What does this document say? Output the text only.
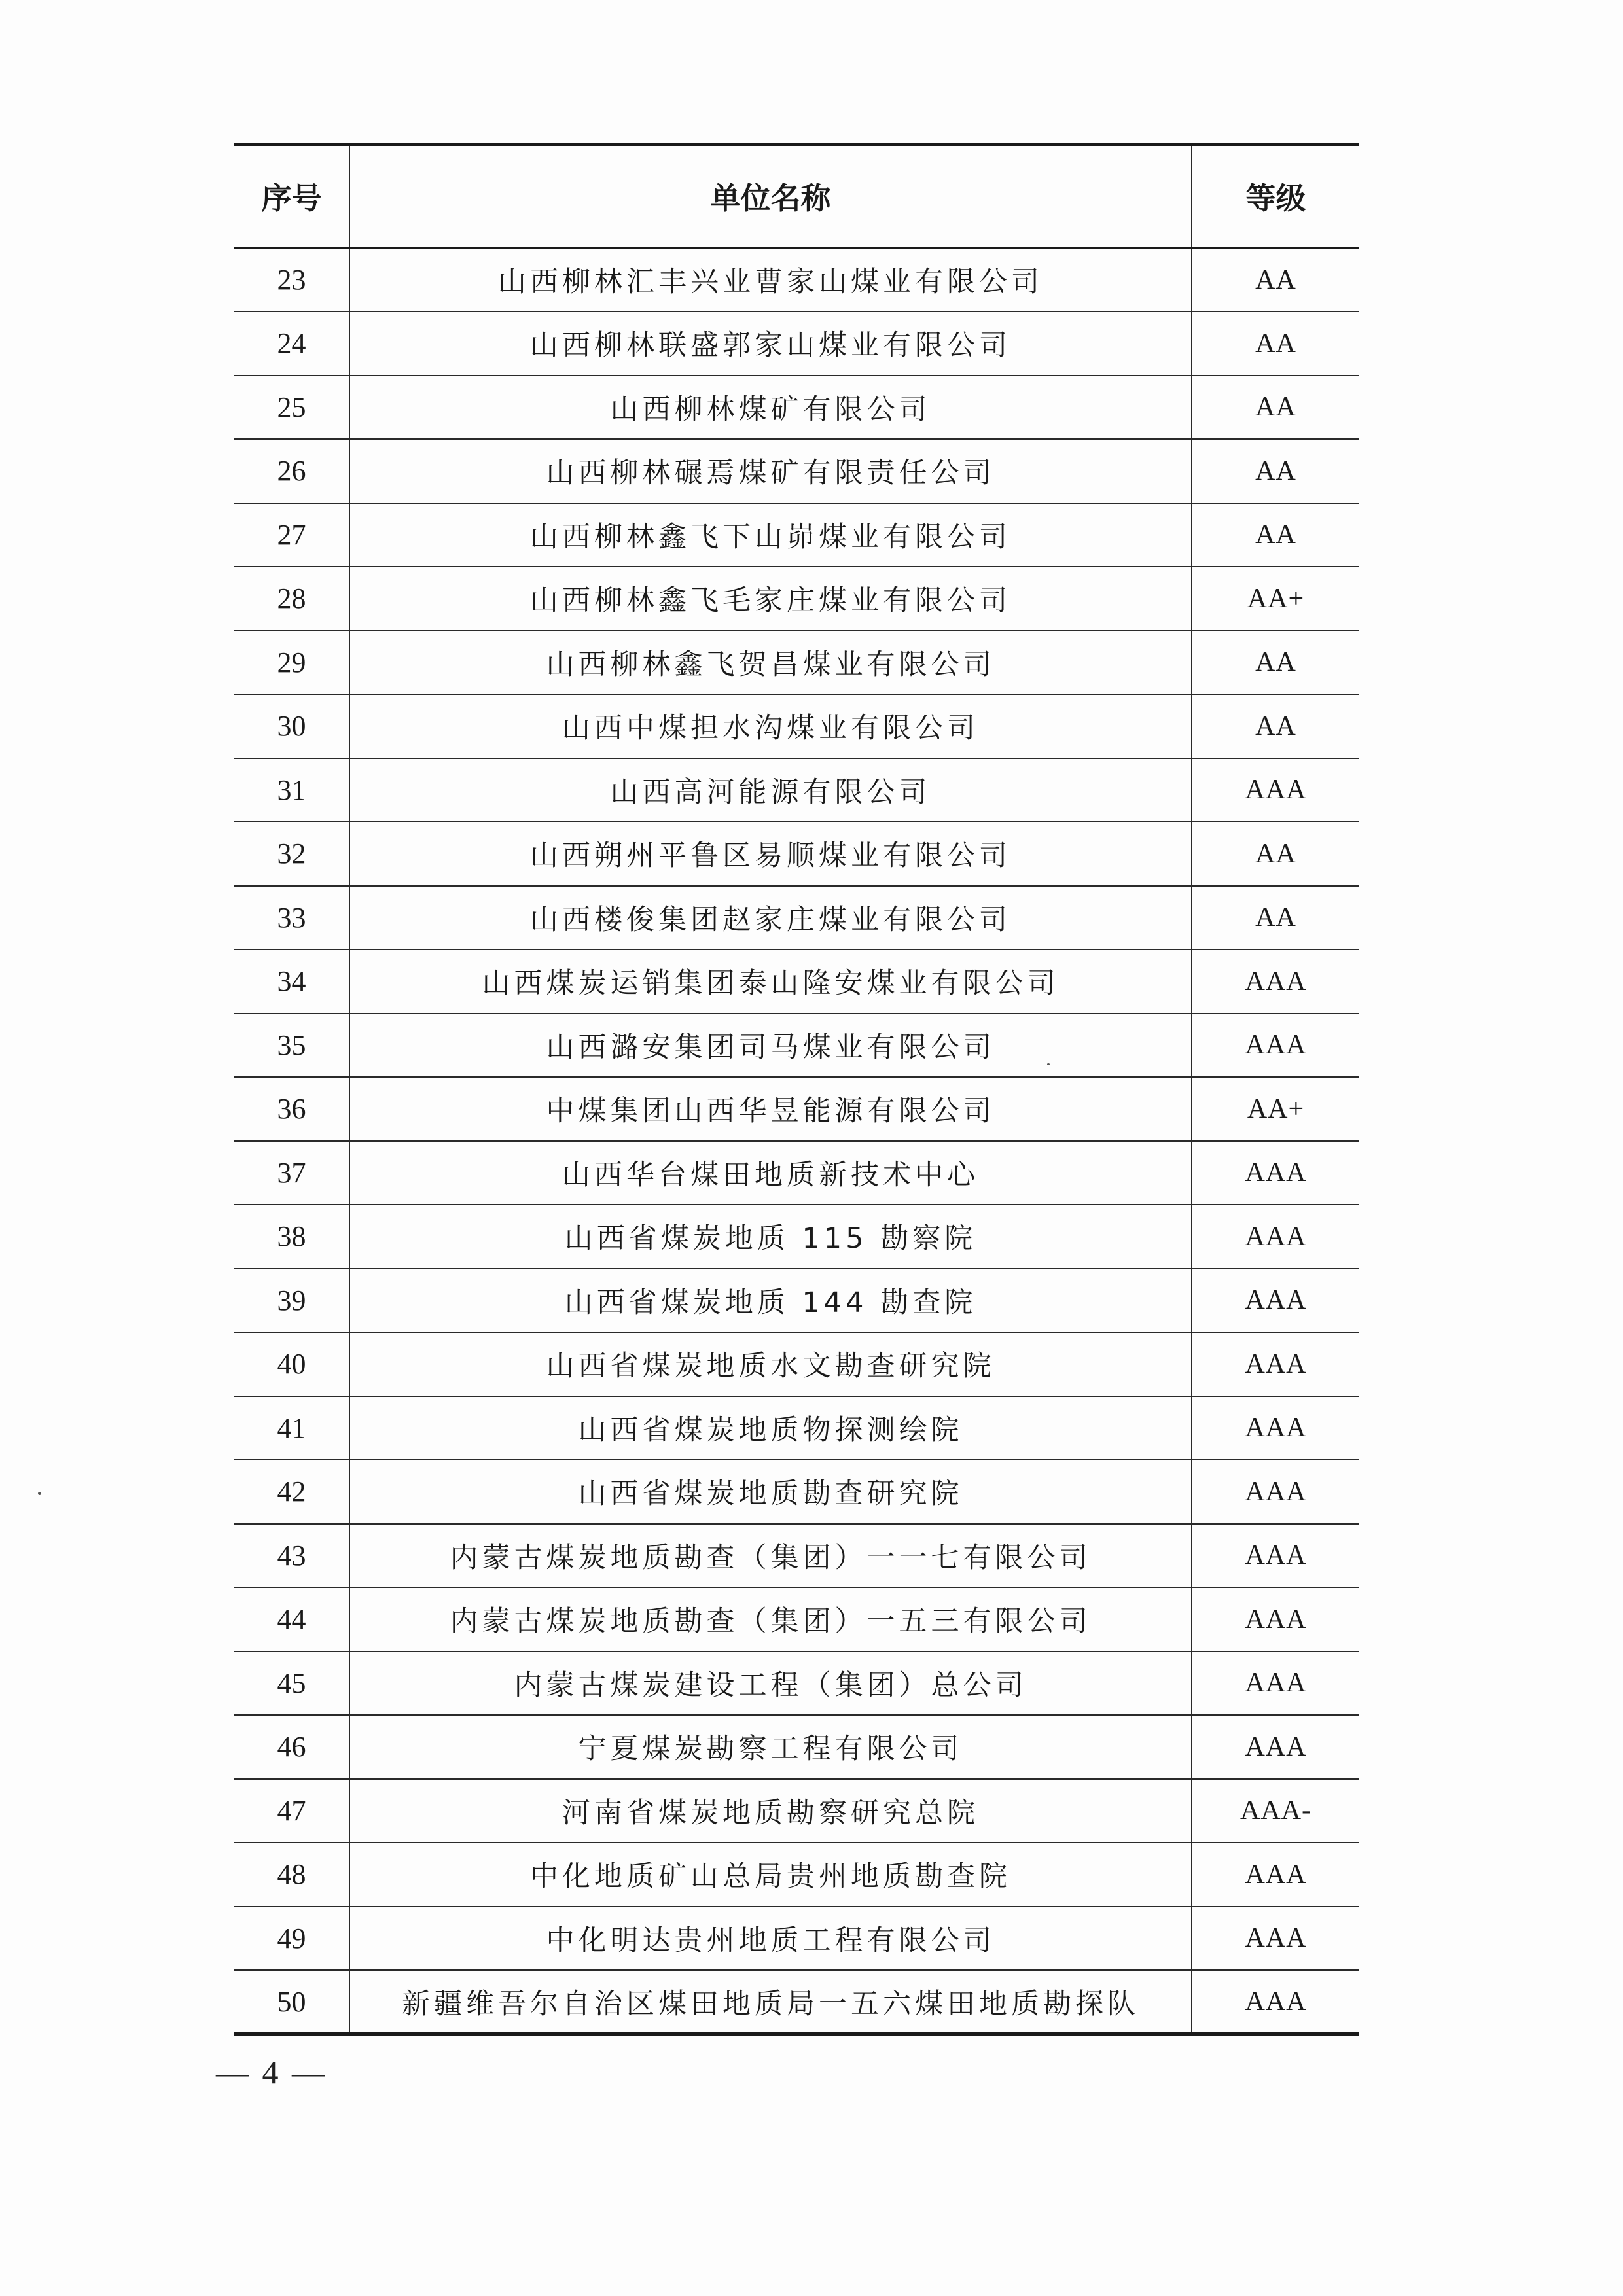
序号	单位名称	等级
23	山西柳林汇丰兴业曹家山煤业有限公司	AA
24	山西柳林联盛郭家山煤业有限公司	AA
25	山西柳林煤矿有限公司	AA
26	山西柳林碾焉煤矿有限责任公司	AA
27	山西柳林鑫飞下山峁煤业有限公司	AA
28	山西柳林鑫飞毛家庄煤业有限公司	AA+
29	山西柳林鑫飞贺昌煤业有限公司	AA
30	山西中煤担水沟煤业有限公司	AA
31	山西高河能源有限公司	AAA
32	山西朔州平鲁区易顺煤业有限公司	AA
33	山西楼俊集团赵家庄煤业有限公司	AA
34	山西煤炭运销集团泰山隆安煤业有限公司	AAA
35	山西潞安集团司马煤业有限公司	AAA
36	中煤集团山西华昱能源有限公司	AA+
37	山西华台煤田地质新技术中心	AAA
38	山西省煤炭地质 115 勘察院	AAA
39	山西省煤炭地质 144 勘查院	AAA
40	山西省煤炭地质水文勘查研究院	AAA
41	山西省煤炭地质物探测绘院	AAA
42	山西省煤炭地质勘查研究院	AAA
43	内蒙古煤炭地质勘查（集团）一一七有限公司	AAA
44	内蒙古煤炭地质勘查（集团）一五三有限公司	AAA
45	内蒙古煤炭建设工程（集团）总公司	AAA
46	宁夏煤炭勘察工程有限公司	AAA
47	河南省煤炭地质勘察研究总院	AAA-
48	中化地质矿山总局贵州地质勘查院	AAA
49	中化明达贵州地质工程有限公司	AAA
50	新疆维吾尔自治区煤田地质局一五六煤田地质勘探队	AAA
— 4 —
